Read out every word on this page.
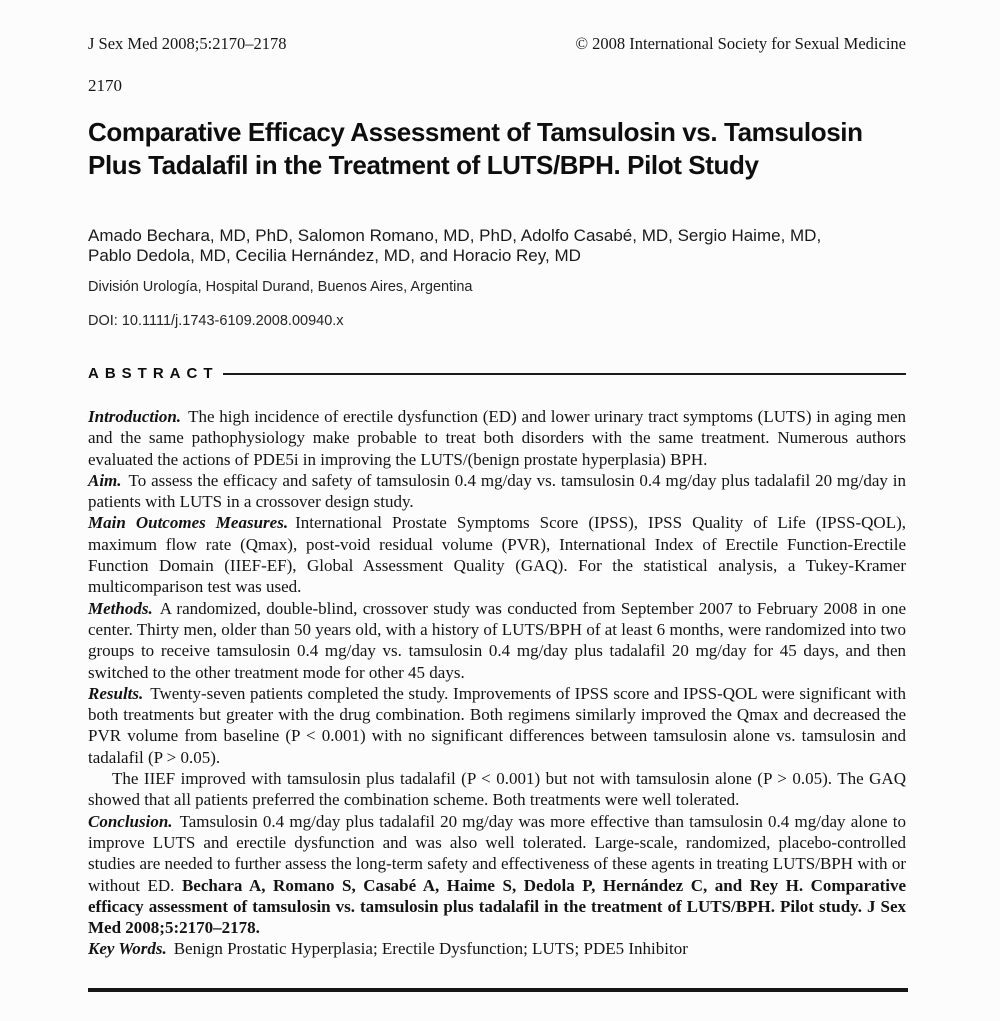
J Sex Med 2008;5:2170–2178	© 2008 International Society for Sexual Medicine
2170
Comparative Efficacy Assessment of Tamsulosin vs. Tamsulosin
Plus Tadalafil in the Treatment of LUTS/BPH. Pilot Study
Amado Bechara, MD, PhD, Salomon Romano, MD, PhD, Adolfo Casabé, MD, Sergio Haime, MD,
Pablo Dedola, MD, Cecilia Hernández, MD, and Horacio Rey, MD
División Urología, Hospital Durand, Buenos Aires, Argentina
DOI: 10.1111/j.1743-6109.2008.00940.x
ABSTRACT

Introduction. The high incidence of erectile dysfunction (ED) and lower urinary tract symptoms (LUTS) in aging men and the same pathophysiology make probable to treat both disorders with the same treatment. Numerous authors evaluated the actions of PDE5i in improving the LUTS/(benign prostate hyperplasia) BPH.

Aim. To assess the efficacy and safety of tamsulosin 0.4 mg/day vs. tamsulosin 0.4 mg/day plus tadalafil 20 mg/day in patients with LUTS in a crossover design study.

Main Outcomes Measures. International Prostate Symptoms Score (IPSS), IPSS Quality of Life (IPSS-QOL), maximum flow rate (Qmax), post-void residual volume (PVR), International Index of Erectile Function-Erectile Function Domain (IIEF-EF), Global Assessment Quality (GAQ). For the statistical analysis, a Tukey-Kramer multicomparison test was used.

Methods. A randomized, double-blind, crossover study was conducted from September 2007 to February 2008 in one center. Thirty men, older than 50 years old, with a history of LUTS/BPH of at least 6 months, were randomized into two groups to receive tamsulosin 0.4 mg/day vs. tamsulosin 0.4 mg/day plus tadalafil 20 mg/day for 45 days, and then switched to the other treatment mode for other 45 days.

Results. Twenty-seven patients completed the study. Improvements of IPSS score and IPSS-QOL were significant with both treatments but greater with the drug combination. Both regimens similarly improved the Qmax and decreased the PVR volume from baseline (P < 0.001) with no significant differences between tamsulosin alone vs. tamsulosin and tadalafil (P > 0.05).

The IIEF improved with tamsulosin plus tadalafil (P < 0.001) but not with tamsulosin alone (P > 0.05). The GAQ showed that all patients preferred the combination scheme. Both treatments were well tolerated.

Conclusion. Tamsulosin 0.4 mg/day plus tadalafil 20 mg/day was more effective than tamsulosin 0.4 mg/day alone to improve LUTS and erectile dysfunction and was also well tolerated. Large-scale, randomized, placebo-controlled studies are needed to further assess the long-term safety and effectiveness of these agents in treating LUTS/BPH with or without ED. Bechara A, Romano S, Casabé A, Haime S, Dedola P, Hernández C, and Rey H. Comparative efficacy assessment of tamsulosin vs. tamsulosin plus tadalafil in the treatment of LUTS/BPH. Pilot study. J Sex Med 2008;5:2170–2178.

Key Words. Benign Prostatic Hyperplasia; Erectile Dysfunction; LUTS; PDE5 Inhibitor
